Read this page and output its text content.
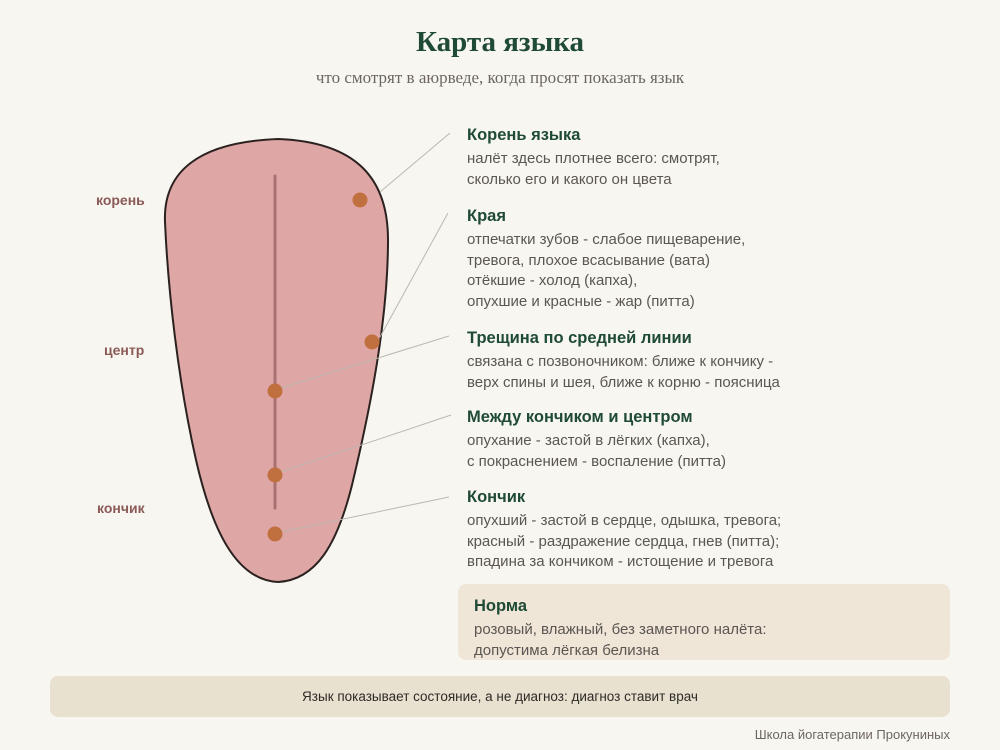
Карта языка
что смотрят в аюрведе, когда просят показать язык
корень
центр
кончик
Корень языка
налёт здесь плотнее всего: смотрят,
сколько его и какого он цвета
Края
отпечатки зубов - слабое пищеварение,
тревога, плохое всасывание (вата)
отёкшие - холод (капха),
опухшие и красные - жар (питта)
Трещина по средней линии
связана с позвоночником: ближе к кончику -
верх спины и шея, ближе к корню - поясница
Между кончиком и центром
опухание - застой в лёгких (капха),
с покраснением - воспаление (питта)
Кончик
опухший - застой в сердце, одышка, тревога;
красный - раздражение сердца, гнев (питта);
впадина за кончиком - истощение и тревога
Норма
розовый, влажный, без заметного налёта:
допустима лёгкая белизна
Язык показывает состояние, а не диагноз: диагноз ставит врач
Школа йогатерапии Прокуниных
